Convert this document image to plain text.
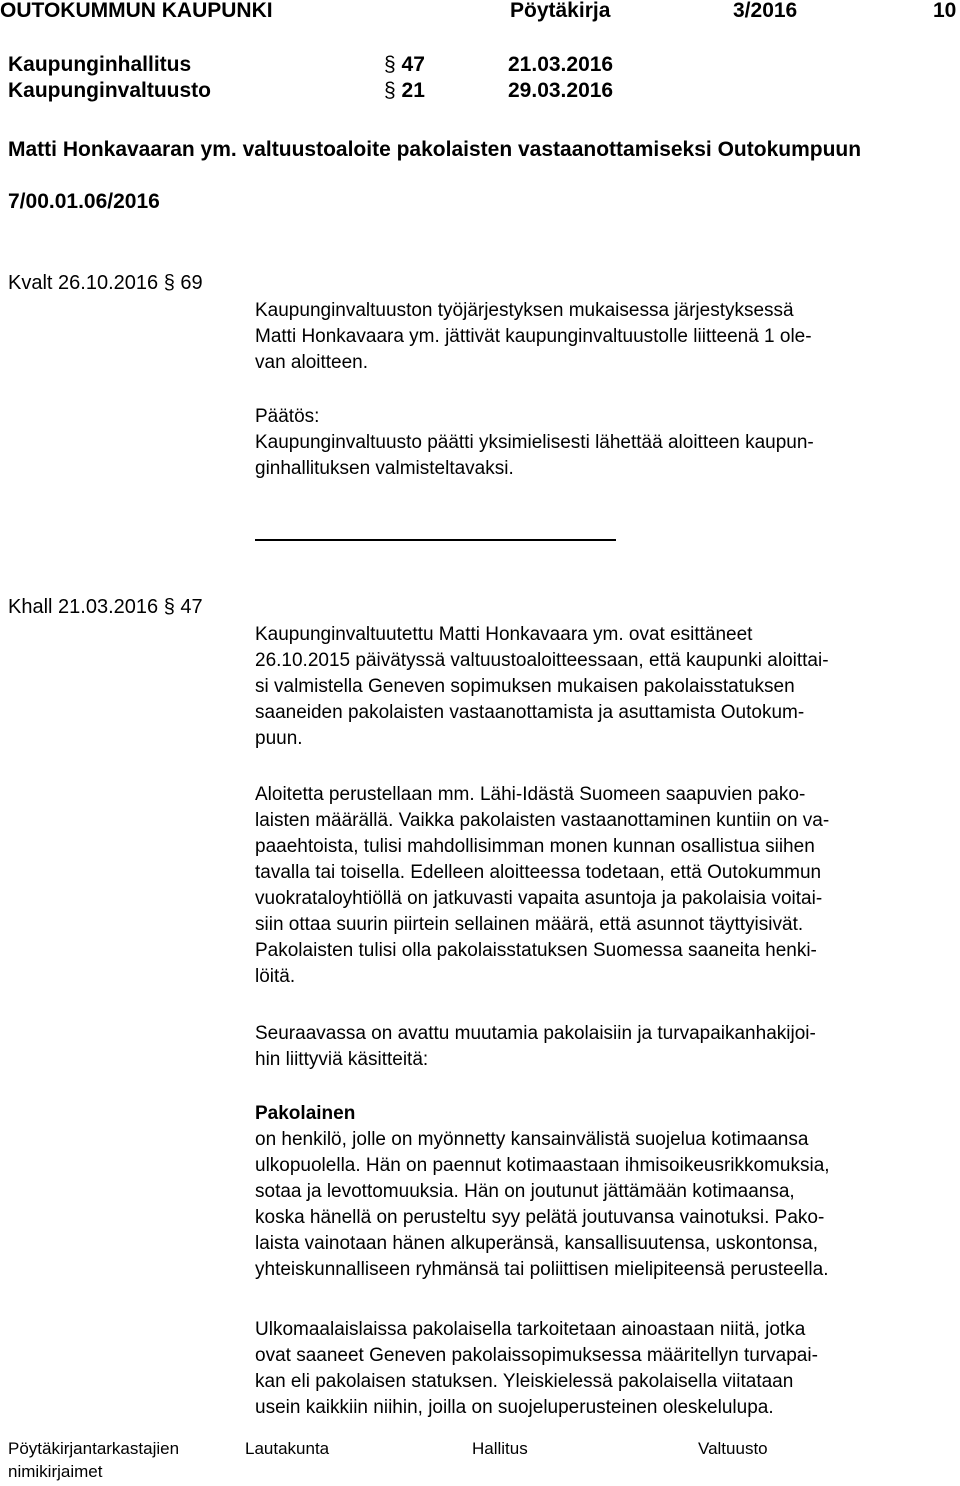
OUTOKUMMUN KAUPUNKI	Pöytäkirja	3/2016	10
Kaupunginhallitus	§ 47	21.03.2016
Kaupunginvaltuusto	§ 21	29.03.2016
Matti Honkavaaran ym. valtuustoaloite pakolaisten vastaanottamiseksi Outokumpuun
7/00.01.06/2016
Kvalt 26.10.2016 § 69
Kaupunginvaltuuston työjärjestyksen mukaisessa järjestyksessä
Matti Honkavaara ym. jättivät kaupunginvaltuustolle liitteenä 1 ole-
van aloitteen.
Päätös:
Kaupunginvaltuusto päätti yksimielisesti lähettää aloitteen kaupun-
ginhallituksen valmisteltavaksi.
Khall 21.03.2016 § 47
Kaupunginvaltuutettu Matti Honkavaara ym. ovat esittäneet
26.10.2015 päivätyssä valtuustoaloitteessaan, että kaupunki aloittai-
si valmistella Geneven sopimuksen mukaisen pakolaisstatuksen
saaneiden pakolaisten vastaanottamista ja asuttamista Outokum-
puun.
Aloitetta perustellaan mm. Lähi-Idästä Suomeen saapuvien pako-
laisten määrällä. Vaikka pakolaisten vastaanottaminen kuntiin on va-
paaehtoista, tulisi mahdollisimman monen kunnan osallistua siihen
tavalla tai toisella. Edelleen aloitteessa todetaan, että Outokummun
vuokrataloyhtiöllä on jatkuvasti vapaita asuntoja ja pakolaisia voitai-
siin ottaa suurin piirtein sellainen määrä, että asunnot täyttyisivät.
Pakolaisten tulisi olla pakolaisstatuksen Suomessa saaneita henki-
löitä.
Seuraavassa on avattu muutamia pakolaisiin ja turvapaikanhakijoi-
hin liittyviä käsitteitä:
Pakolainen
on henkilö, jolle on myönnetty kansainvälistä suojelua kotimaansa
ulkopuolella. Hän on paennut kotimaastaan ihmisoikeusrikkomuksia,
sotaa ja levottomuuksia. Hän on joutunut jättämään kotimaansa,
koska hänellä on perusteltu syy pelätä joutuvansa vainotuksi. Pako-
laista vainotaan hänen alkuperänsä, kansallisuutensa, uskontonsa,
yhteiskunnalliseen ryhmänsä tai poliittisen mielipiteensä perusteella.
Ulkomaalaislaissa pakolaisella tarkoitetaan ainoastaan niitä, jotka
ovat saaneet Geneven pakolaissopimuksessa määritellyn turvapai-
kan eli pakolaisen statuksen. Yleiskielessä pakolaisella viitataan
usein kaikkiin niihin, joilla on suojeluperusteinen oleskelulupa.
Pöytäkirjantarkastajien
nimikirjaimet
Lautakunta	Hallitus	Valtuusto
